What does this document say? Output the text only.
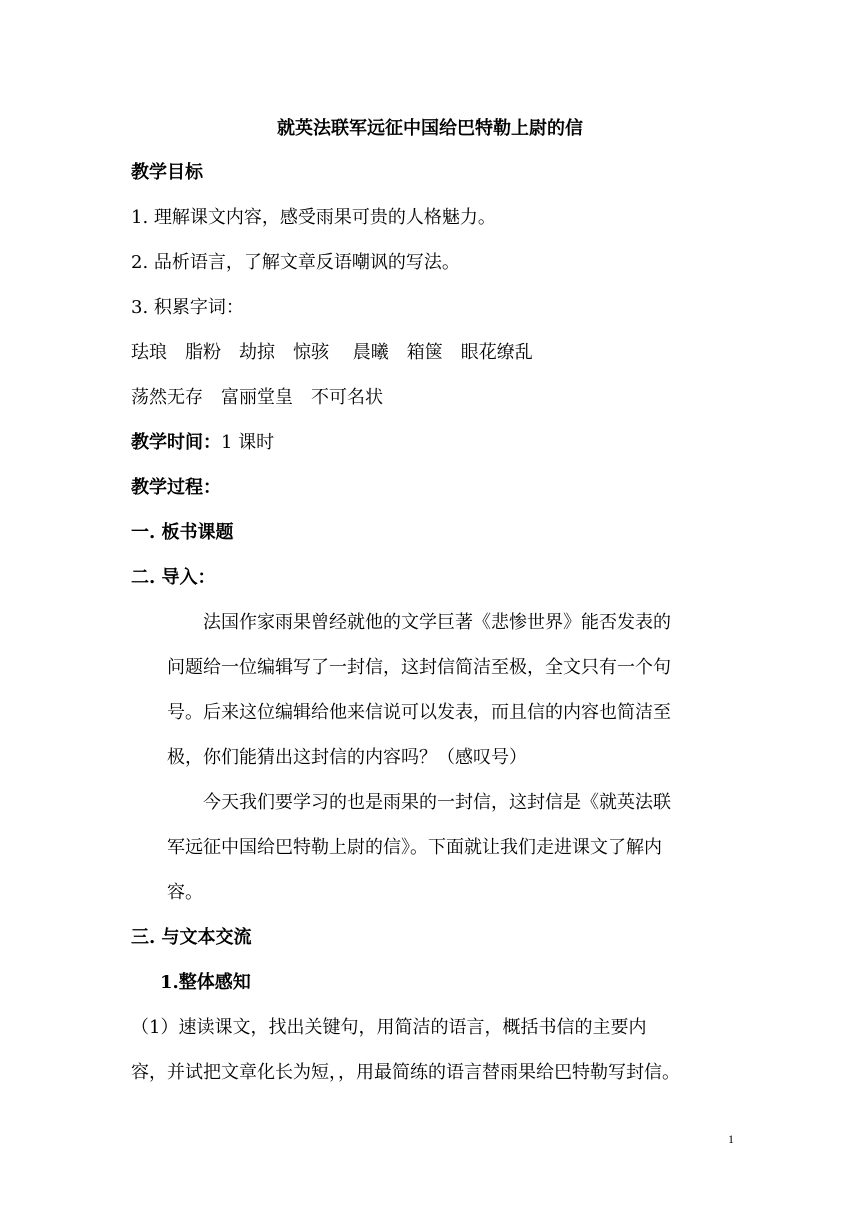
就英法联军远征中国给巴特勒上尉的信
教学目标
1. 理解课文内容，感受雨果可贵的人格魅力。
2. 品析语言，了解文章反语嘲讽的写法。
3. 积累字词：
珐琅 脂粉 劫掠 惊骇 晨曦 箱箧 眼花缭乱
荡然无存 富丽堂皇 不可名状
教学时间：1 课时
教学过程：
一. 板书课题
二. 导入：
法国作家雨果曾经就他的文学巨著《悲惨世界》能否发表的
问题给一位编辑写了一封信，这封信简洁至极，全文只有一个句
号。后来这位编辑给他来信说可以发表，而且信的内容也简洁至
极，你们能猜出这封信的内容吗？（感叹号）
今天我们要学习的也是雨果的一封信，这封信是《就英法联
军远征中国给巴特勒上尉的信》。下面就让我们走进课文了解内
容。
三. 与文本交流
1.整体感知
（1）速读课文，找出关键句，用简洁的语言，概括书信的主要内
容，并试把文章化长为短，，用最简练的语言替雨果给巴特勒写封信。
1
